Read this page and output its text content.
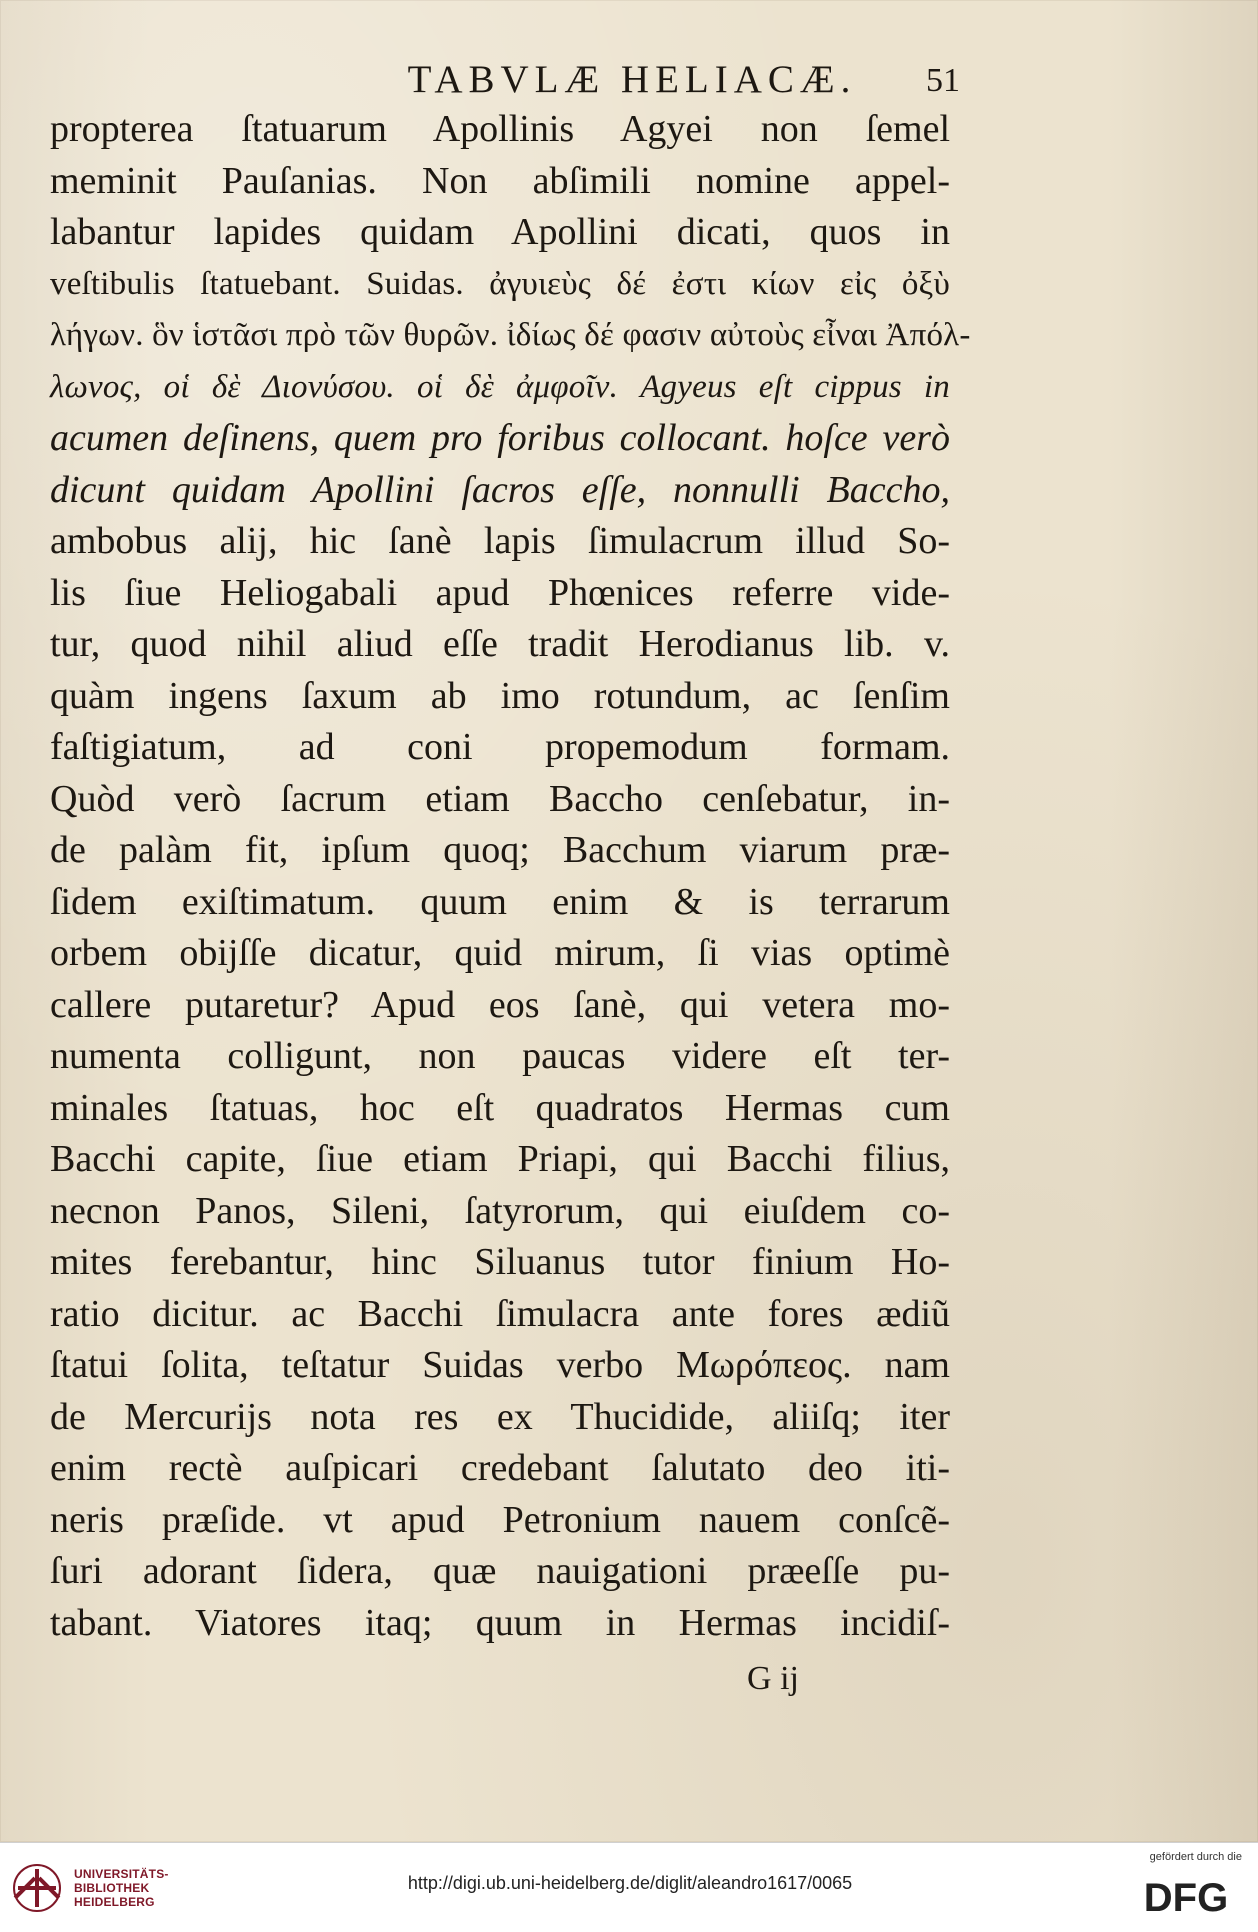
TABVLÆ HELIACÆ.	51
propterea ſtatuarum Apollinis Agyei non ſemel
meminit Pauſanias. Non abſimili nomine appel-
labantur lapides quidam Apollini dicati, quos in
veſtibulis ſtatuebant. Suidas. ἀγυιεὺς δέ ἐστι κίων εἰς ὀξὺ
λήγων. ὃν ἱστᾶσι πρὸ τῶν θυρῶν. ἰδίως δέ φασιν αὐτοὺς εἶναι Ἀπόλ-
λωνος, οἱ δὲ Διονύσου. οἱ δὲ ἀμφοῖν. Agyeus eſt cippus in
acumen deſinens, quem pro foribus collocant. hoſce verò
dicunt quidam Apollini ſacros eſſe, nonnulli Baccho,
ambobus alij, hic ſanè lapis ſimulacrum illud So-
lis ſiue Heliogabali apud Phœnices referre vide-
tur, quod nihil aliud eſſe tradit Herodianus lib. v.
quàm ingens ſaxum ab imo rotundum, ac ſenſim
faſtigiatum, ad coni propemodum formam.
Quòd verò ſacrum etiam Baccho cenſebatur, in-
de palàm fit, ipſum quoq; Bacchum viarum præ-
ſidem exiſtimatum. quum enim & is terrarum
orbem obijſſe dicatur, quid mirum, ſi vias optimè
callere putaretur? Apud eos ſanè, qui vetera mo-
numenta colligunt, non paucas videre eſt ter-
minales ſtatuas, hoc eſt quadratos Hermas cum
Bacchi capite, ſiue etiam Priapi, qui Bacchi filius,
necnon Panos, Sileni, ſatyrorum, qui eiuſdem co-
mites ferebantur, hinc Siluanus tutor finium Ho-
ratio dicitur. ac Bacchi ſimulacra ante fores ædiũ
ſtatui ſolita, teſtatur Suidas verbo Μωρόπεος. nam
de Mercurijs nota res ex Thucidide, aliiſq; iter
enim rectè auſpicari credebant ſalutato deo iti-
neris præſide. vt apud Petronium nauem conſcẽ-
ſuri adorant ſidera, quæ nauigationi præeſſe pu-
tabant. Viatores itaq; quum in Hermas incidiſ-
G ij
UNIVERSITÄTS-
BIBLIOTHEK
HEIDELBERG
http://digi.ub.uni-heidelberg.de/diglit/aleandro1617/0065
gefördert durch die
DFG
